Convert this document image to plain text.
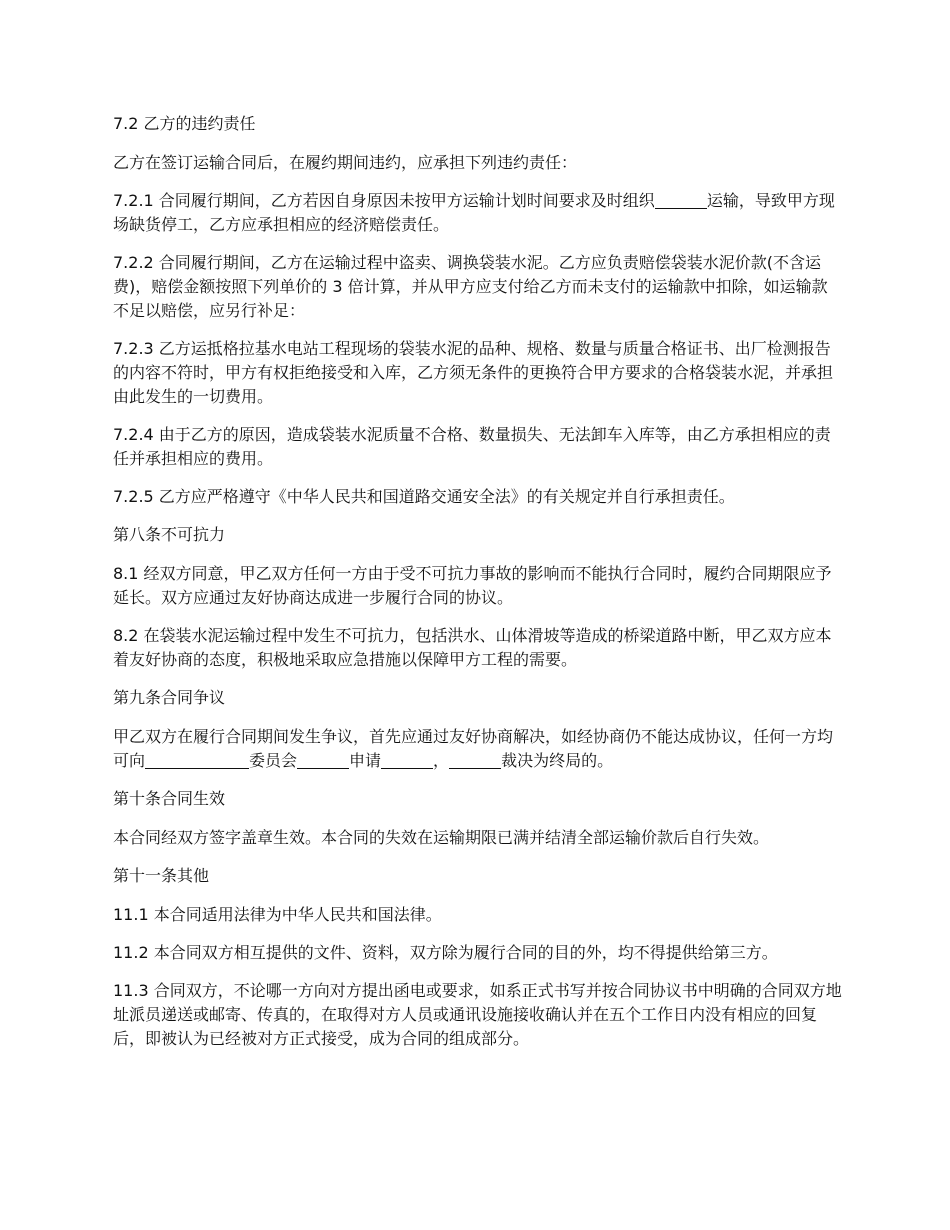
7.2 乙方的违约责任

乙方在签订运输合同后，在履约期间违约，应承担下列违约责任：

7.2.1 合同履行期间，乙方若因自身原因未按甲方运输计划时间要求及时组织	运输，导致甲方现场缺货停工，乙方应承担相应的经济赔偿责任。

7.2.2 合同履行期间，乙方在运输过程中盗卖、调换袋装水泥。乙方应负责赔偿袋装水泥价款(不含运费)，赔偿金额按照下列单价的 3 倍计算，并从甲方应支付给乙方而未支付的运输款中扣除，如运输款不足以赔偿，应另行补足：

7.2.3 乙方运抵格拉基水电站工程现场的袋装水泥的品种、规格、数量与质量合格证书、出厂检测报告的内容不符时，甲方有权拒绝接受和入库，乙方须无条件的更换符合甲方要求的合格袋装水泥，并承担由此发生的一切费用。

7.2.4 由于乙方的原因，造成袋装水泥质量不合格、数量损失、无法卸车入库等，由乙方承担相应的责任并承担相应的费用。

7.2.5 乙方应严格遵守《中华人民共和国道路交通安全法》的有关规定并自行承担责任。

第八条不可抗力

8.1 经双方同意，甲乙双方任何一方由于受不可抗力事故的影响而不能执行合同时，履约合同期限应予延长。双方应通过友好协商达成进一步履行合同的协议。

8.2 在袋装水泥运输过程中发生不可抗力，包括洪水、山体滑坡等造成的桥梁道路中断，甲乙双方应本着友好协商的态度，积极地采取应急措施以保障甲方工程的需要。

第九条合同争议

甲乙双方在履行合同期间发生争议，首先应通过友好协商解决，如经协商仍不能达成协议，任何一方均可向	委员会	申请	，	裁决为终局的。

第十条合同生效

本合同经双方签字盖章生效。本合同的失效在运输期限已满并结清全部运输价款后自行失效。

第十一条其他

11.1 本合同适用法律为中华人民共和国法律。

11.2 本合同双方相互提供的文件、资料，双方除为履行合同的目的外，均不得提供给第三方。

11.3 合同双方，不论哪一方向对方提出函电或要求，如系正式书写并按合同协议书中明确的合同双方地址派员递送或邮寄、传真的，在取得对方人员或通讯设施接收确认并在五个工作日内没有相应的回复后，即被认为已经被对方正式接受，成为合同的组成部分。
